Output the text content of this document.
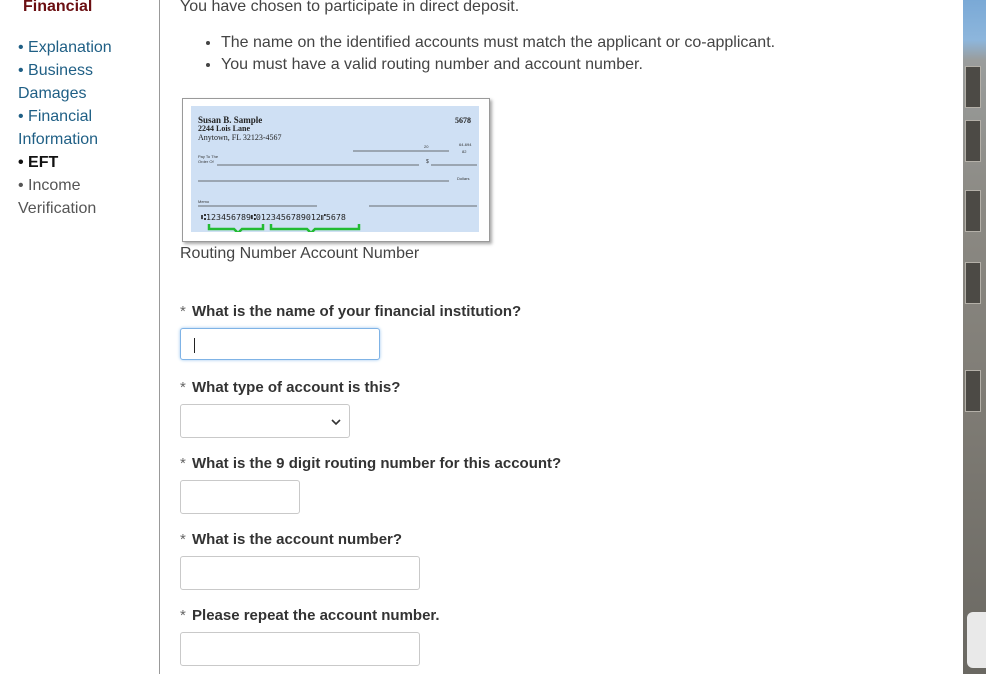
Financial
• Explanation
• Business Damages
• Financial Information
• EFT
• Income Verification
You have chosen to participate in direct deposit.
• The name on the identified accounts must match the applicant or co-applicant.
• You must have a valid routing number and account number.
Susan B. Sample
2244 Lois Lane
Anytown, FL 32123-4567
5678
20	64-694
82
Pay To The
Order Of	$
Dollars
Memo
⑆123456789⑆0123456789012⑈5678
Routing Number Account Number
* What is the name of your financial institution?
* What type of account is this?
* What is the 9 digit routing number for this account?
* What is the account number?
* Please repeat the account number.
